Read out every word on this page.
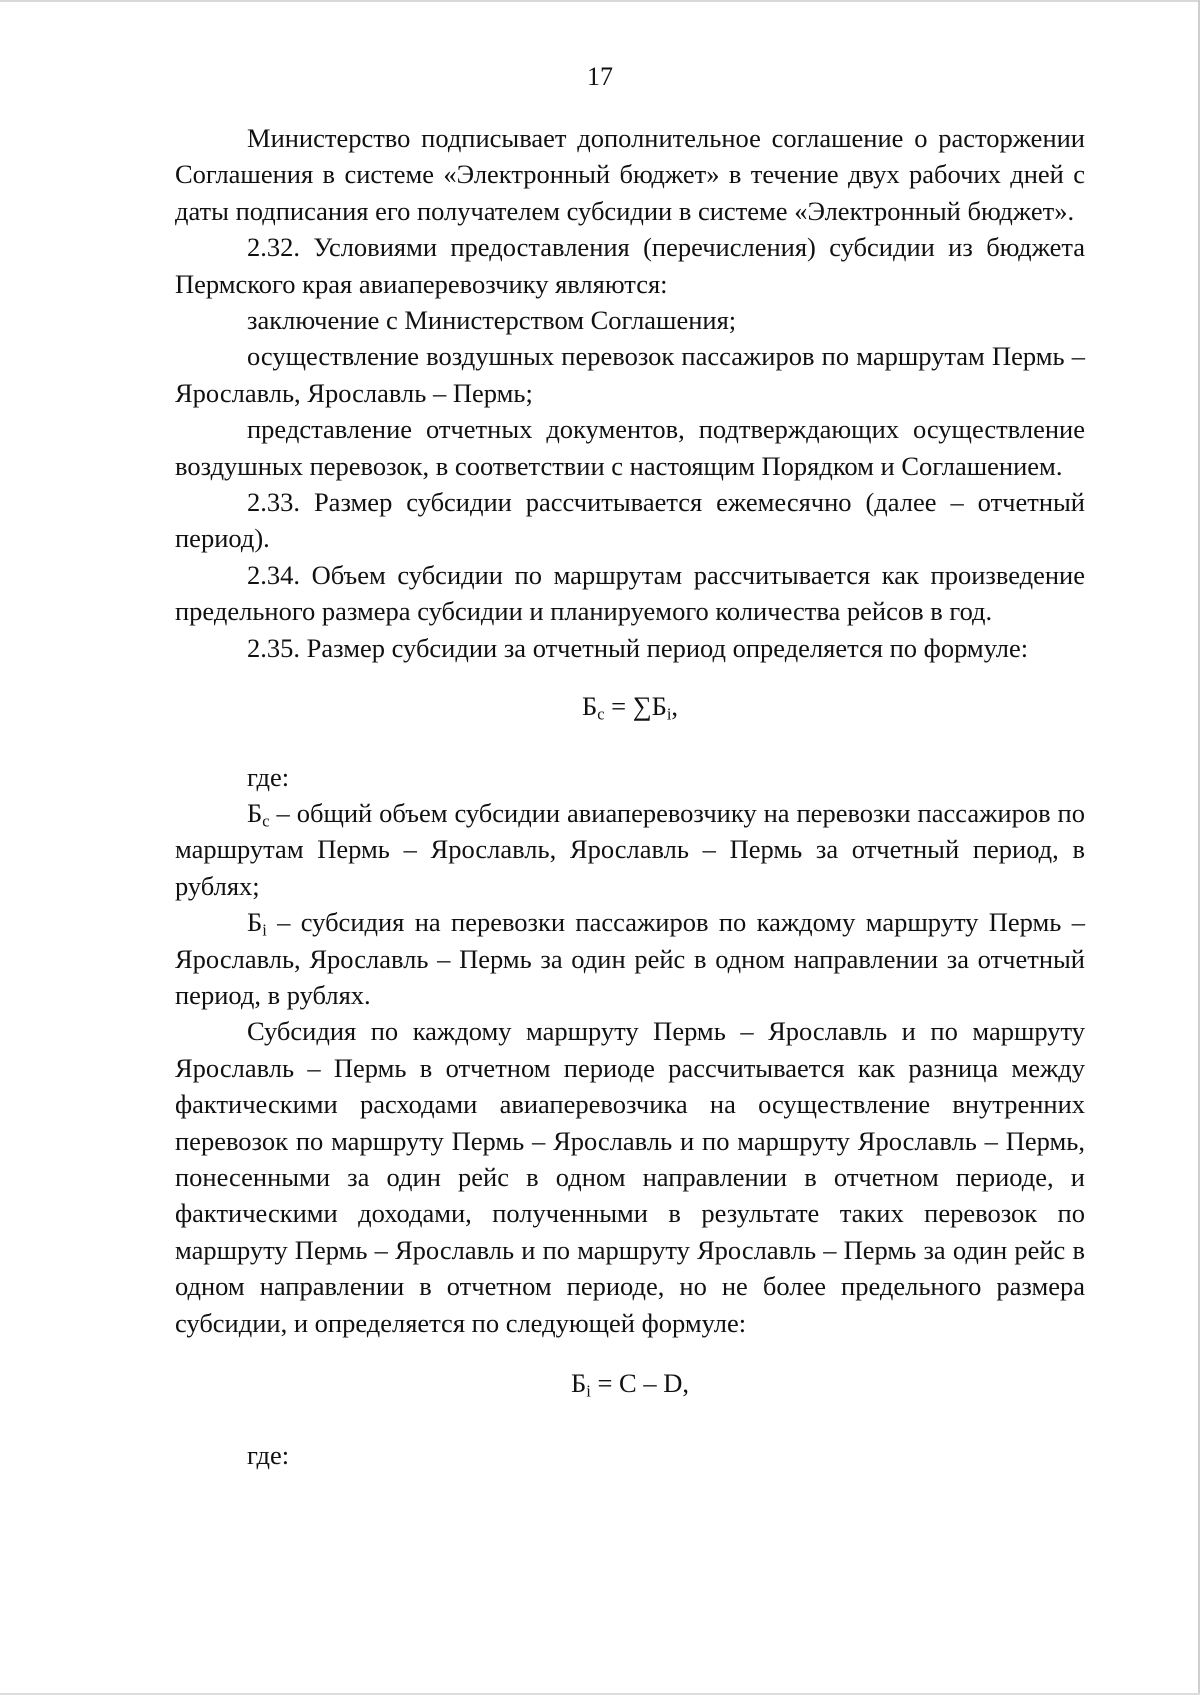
17

Министерство подписывает дополнительное соглашение о расторжении Соглашения в системе «Электронный бюджет» в течение двух рабочих дней с даты подписания его получателем субсидии в системе «Электронный бюджет».

2.32. Условиями предоставления (перечисления) субсидии из бюджета Пермского края авиаперевозчику являются:

заключение с Министерством Соглашения;

осуществление воздушных перевозок пассажиров по маршрутам Пермь – Ярославль, Ярославль – Пермь;

представление отчетных документов, подтверждающих осуществление воздушных перевозок, в соответствии с настоящим Порядком и Соглашением.

2.33. Размер субсидии рассчитывается ежемесячно (далее – отчетный период).

2.34. Объем субсидии по маршрутам рассчитывается как произведение предельного размера субсидии и планируемого количества рейсов в год.

2.35. Размер субсидии за отчетный период определяется по формуле:

$Б_с = \sum Б_i$,

где:

$Б_с$ – общий объем субсидии авиаперевозчику на перевозки пассажиров по маршрутам Пермь – Ярославль, Ярославль – Пермь за отчетный период, в рублях;

$Б_i$ – субсидия на перевозки пассажиров по каждому маршруту Пермь – Ярославль, Ярославль – Пермь за один рейс в одном направлении за отчетный период, в рублях.

Субсидия по каждому маршруту Пермь – Ярославль и по маршруту Ярославль – Пермь в отчетном периоде рассчитывается как разница между фактическими расходами авиаперевозчика на осуществление внутренних перевозок по маршруту Пермь – Ярославль и по маршруту Ярославль – Пермь, понесенными за один рейс в одном направлении в отчетном периоде, и фактическими доходами, полученными в результате таких перевозок по маршруту Пермь – Ярославль и по маршруту Ярославль – Пермь за один рейс в одном направлении в отчетном периоде, но не более предельного размера субсидии, и определяется по следующей формуле:

$Б_i = C - D$,

где:
